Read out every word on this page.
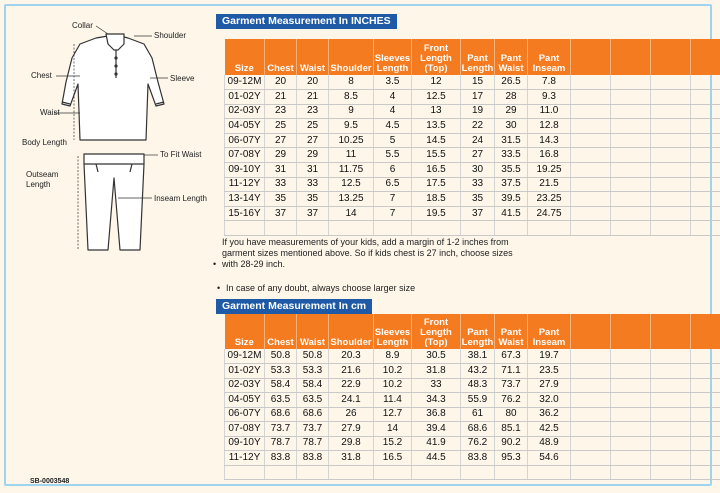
Collar
Shoulder
Chest	Sleeve
Waist
Body Length
To Fit Waist
Outseam Length
Inseam Length
Garment Measurement In INCHES
Size	Chest	Waist	Shoulder	Sleeves Length	Front Length (Top)	Pant Length	Pant Waist	Pant Inseam				
09-12M	20	20	8	3.5	12	15	26.5	7.8				
01-02Y	21	21	8.5	4	12.5	17	28	9.3				
02-03Y	23	23	9	4	13	19	29	11.0				
04-05Y	25	25	9.5	4.5	13.5	22	30	12.8				
06-07Y	27	27	10.25	5	14.5	24	31.5	14.3				
07-08Y	29	29	11	5.5	15.5	27	33.5	16.8				
09-10Y	31	31	11.75	6	16.5	30	35.5	19.25				
11-12Y	33	33	12.5	6.5	17.5	33	37.5	21.5				
13-14Y	35	35	13.25	7	18.5	35	39.5	23.25				
15-16Y	37	37	14	7	19.5	37	41.5	24.75				

•
If you have measurements of your kids, add a margin of 1-2 inches from garment sizes mentioned above. So if kids chest is 27 inch, choose sizes with 28-29 inch.

• In case of any doubt, always choose larger size
Garment Measurement In cm
Size	Chest	Waist	Shoulder	Sleeves Length	Front Length (Top)	Pant Length	Pant Waist	Pant Inseam				
09-12M	50.8	50.8	20.3	8.9	30.5	38.1	67.3	19.7				
01-02Y	53.3	53.3	21.6	10.2	31.8	43.2	71.1	23.5				
02-03Y	58.4	58.4	22.9	10.2	33	48.3	73.7	27.9				
04-05Y	63.5	63.5	24.1	11.4	34.3	55.9	76.2	32.0				
06-07Y	68.6	68.6	26	12.7	36.8	61	80	36.2				
07-08Y	73.7	73.7	27.9	14	39.4	68.6	85.1	42.5				
09-10Y	78.7	78.7	29.8	15.2	41.9	76.2	90.2	48.9				
11-12Y	83.8	83.8	31.8	16.5	44.5	83.8	95.3	54.6				

SB-0003548
